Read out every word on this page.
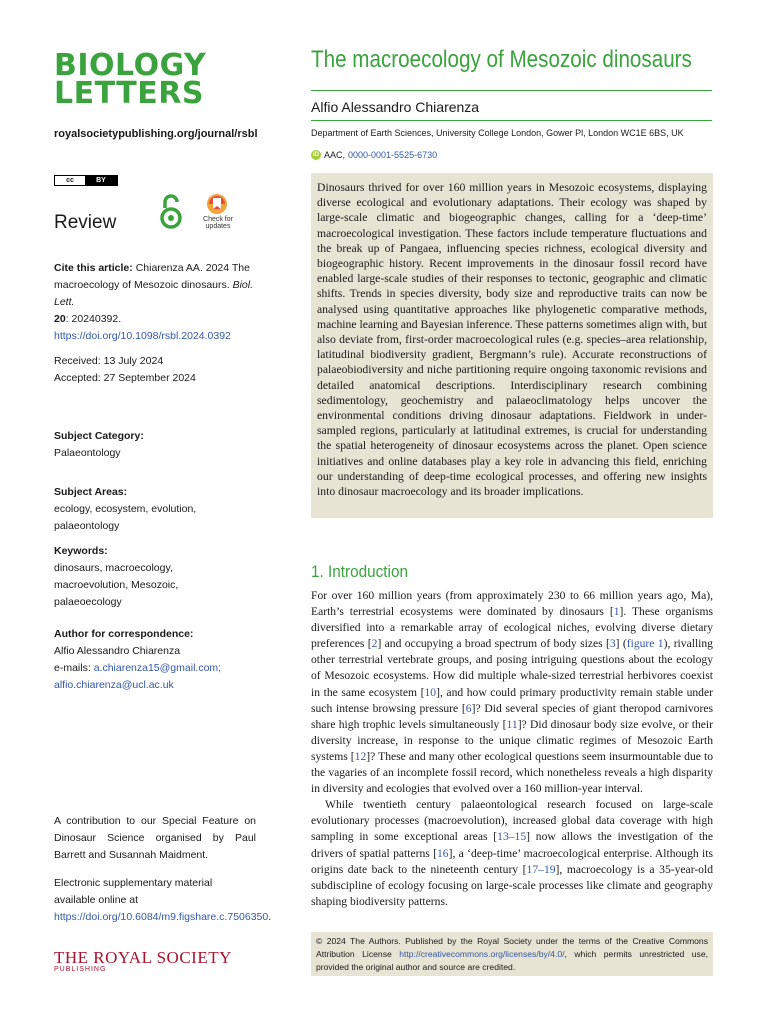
BIOLOGY
LETTERS
royalsocietypublishing.org/journal/rsbl
cc	BY
Review	Check for updates
Cite this article: Chiarenza AA. 2024 The macroecology of Mesozoic dinosaurs. Biol. Lett.
20: 20240392.
https://doi.org/10.1098/rsbl.2024.0392
Received: 13 July 2024
Accepted: 27 September 2024
Subject Category:
Palaeontology
Subject Areas:
ecology, ecosystem, evolution, palaeontology
Keywords:
dinosaurs, macroecology, macroevolution, Mesozoic, palaeoecology
Author for correspondence:
Alfio Alessandro Chiarenza
e-mails: a.chiarenza15@gmail.com;
alfio.chiarenza@ucl.ac.uk
A contribution to our Special Feature on Dinosaur Science organised by Paul Barrett and Susannah Maidment.
Electronic supplementary material available online at https://doi.org/10.6084/m9.figshare.c.7506350.
THE ROYAL SOCIETY
PUBLISHING
The macroecology of Mesozoic dinosaurs
Alfio Alessandro Chiarenza
Department of Earth Sciences, University College London, Gower Pl, London WC1E 6BS, UK
iD AAC, 0000-0001-5525-6730
Dinosaurs thrived for over 160 million years in Mesozoic ecosystems, displaying diverse ecological and evolutionary adaptations. Their ecology was shaped by large-scale climatic and biogeographic changes, calling for a ‘deep-time’ macroecological investigation. These factors include temperature fluctuations and the break up of Pangaea, influencing species richness, ecological diversity and biogeographic history. Recent improvements in the dinosaur fossil record have enabled large-scale studies of their responses to tectonic, geographic and climatic shifts. Trends in species diversity, body size and reproductive traits can now be analysed using quantitative approaches like phylogenetic comparative methods, machine learning and Bayesian inference. These patterns sometimes align with, but also deviate from, first-order macroecological rules (e.g. species–area relationship, latitudinal biodiversity gradient, Bergmann’s rule). Accurate reconstructions of palaeobiodiversity and niche partitioning require ongoing taxonomic revisions and detailed anatomical descriptions. Interdisciplinary research combining sedimentology, geochemistry and palaeoclimatology helps uncover the environmental conditions driving dinosaur adaptations. Fieldwork in under-sampled regions, particularly at latitudinal extremes, is crucial for understanding the spatial heterogeneity of dinosaur ecosystems across the planet. Open science initiatives and online databases play a key role in advancing this field, enriching our understanding of deep-time ecological processes, and offering new insights into dinosaur macroecology and its broader implications.
1. Introduction

For over 160 million years (from approximately 230 to 66 million years ago, Ma), Earth’s terrestrial ecosystems were dominated by dinosaurs [1]. These organisms diversified into a remarkable array of ecological niches, evolving diverse dietary preferences [2] and occupying a broad spectrum of body sizes [3] (figure 1), rivalling other terrestrial vertebrate groups, and posing intriguing questions about the ecology of Mesozoic ecosystems. How did multiple whale-sized terrestrial herbivores coexist in the same ecosystem [10], and how could primary productivity remain stable under such intense browsing pressure [6]? Did several species of giant theropod carnivores share high trophic levels simultaneously [11]? Did dinosaur body size evolve, or their diversity increase, in response to the unique climatic regimes of Mesozoic Earth systems [12]? These and many other ecological questions seem insurmountable due to the vagaries of an incomplete fossil record, which nonetheless reveals a high disparity in diversity and ecologies that evolved over a 160 million-year interval.

While twentieth century palaeontological research focused on large-scale evolutionary processes (macroevolution), increased global data coverage with high sampling in some exceptional areas [13–15] now allows the investigation of the drivers of spatial patterns [16], a ‘deep-time’ macroecological enterprise. Although its origins date back to the nineteenth century [17–19], macroecology is a 35-year-old subdiscipline of ecology focusing on large-scale processes like climate and geography shaping biodiversity patterns.

© 2024 The Authors. Published by the Royal Society under the terms of the Creative Commons Attribution License http://creativecommons.org/licenses/by/4.0/, which permits unrestricted use, provided the original author and source are credited.
